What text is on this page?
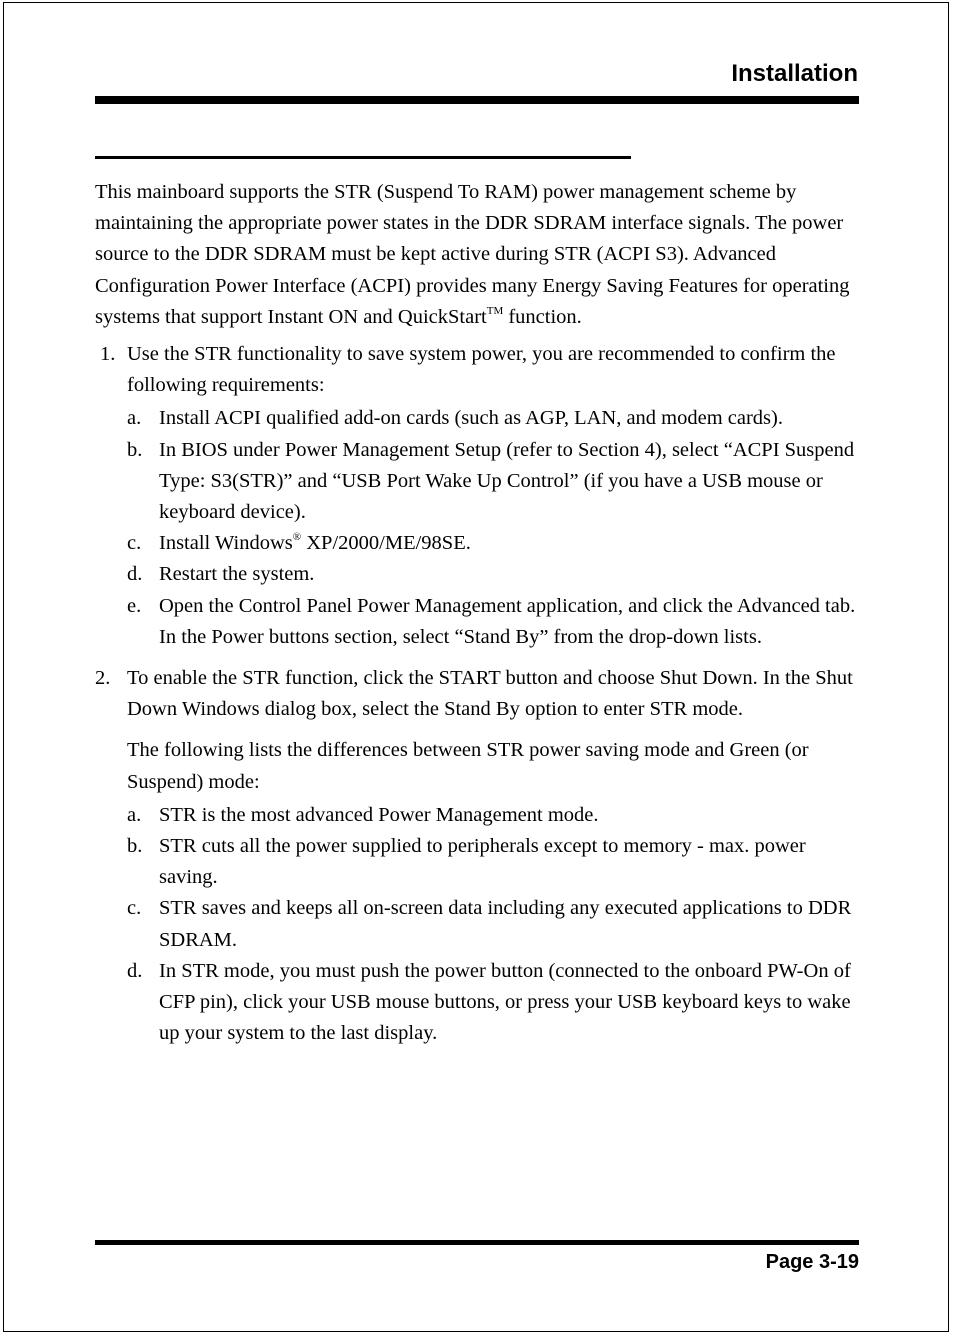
Installation

This mainboard supports the STR (Suspend To RAM) power management scheme by maintaining the appropriate power states in the DDR SDRAM interface signals. The power source to the DDR SDRAM must be kept active during STR (ACPI S3). Advanced Configuration Power Interface (ACPI) provides many Energy Saving Features for operating systems that support Instant ON and QuickStart™ function.

1. Use the STR functionality to save system power, you are recommended to confirm the following requirements:

a. Install ACPI qualified add-on cards (such as AGP, LAN, and modem cards).
b. In BIOS under Power Management Setup (refer to Section 4), select “ACPI Suspend Type: S3(STR)” and “USB Port Wake Up Control” (if you have a USB mouse or keyboard device).
c. Install Windows® XP/2000/ME/98SE.
d. Restart the system.
e. Open the Control Panel Power Management application, and click the Advanced tab. In the Power buttons section, select “Stand By” from the drop-down lists.
2. To enable the STR function, click the START button and choose Shut Down. In the Shut Down Windows dialog box, select the Stand By option to enter STR mode.

The following lists the differences between STR power saving mode and Green (or Suspend) mode:

a. STR is the most advanced Power Management mode.
b. STR cuts all the power supplied to peripherals except to memory - max. power saving.
c. STR saves and keeps all on-screen data including any executed applications to DDR SDRAM.
d. In STR mode, you must push the power button (connected to the onboard PW-On of CFP pin), click your USB mouse buttons, or press your USB keyboard keys to wake up your system to the last display.
Page 3-19
